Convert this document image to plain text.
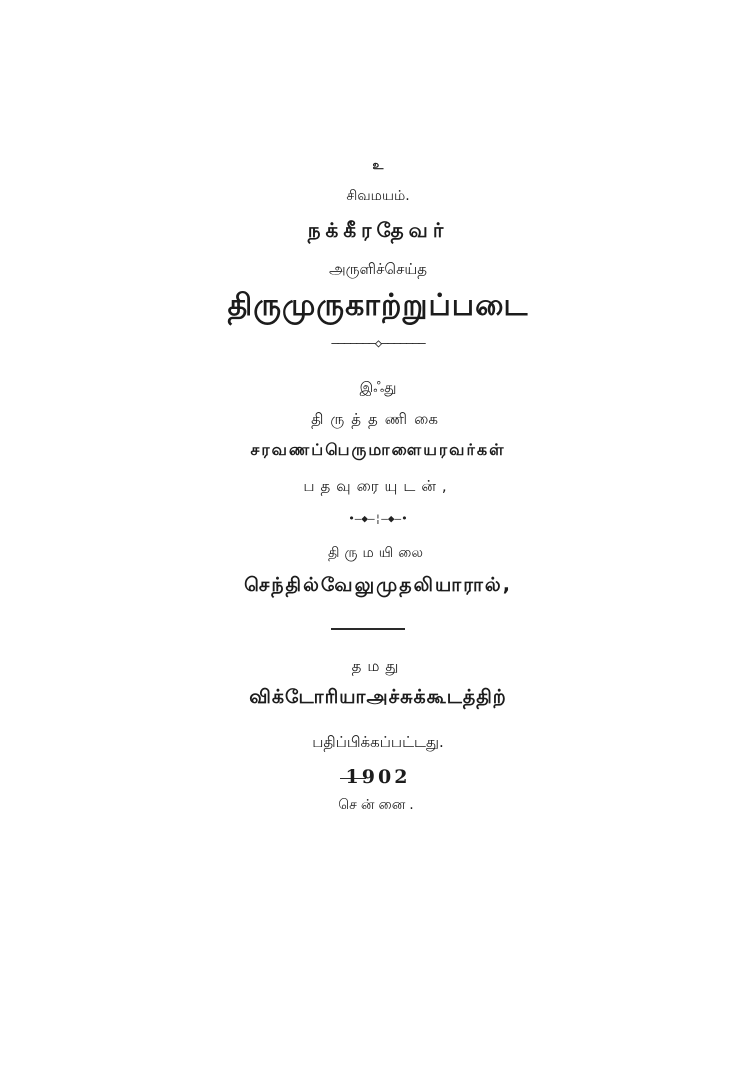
உ
சிவமயம்.
நக்கீரதேவர்
அருளிச்செய்த
திருமுருகாற்றுப்படை
———————◇———————
இஃது
திருத்தணிகை
சரவணப்பெருமாளையரவர்கள்
பதவுரையுடன்,
•—◆—¦—◆—•
திருமயிலை
செந்தில்வேலுமுதலியாரால்,
தமது
விக்டோரியாஅச்சுக்கூடத்திற்
பதிப்பிக்கப்பட்டது.
1902
சென்னை.
